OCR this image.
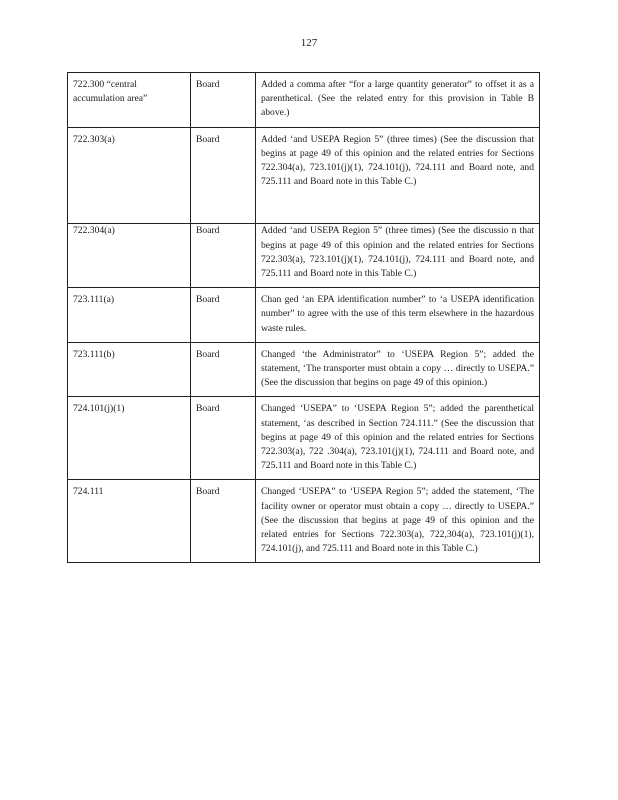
127
722.300 “central accumulation area”	Board	Added a comma after “for a large quantity generator” to offset it as a parenthetical. (See the related entry for this provision in Table B above.)

722.303(a)	Board	Added ‘and USEPA Region 5” (three times) (See the discussion that begins at page 49 of this opinion and the related entries for Sections 722.304(a), 723.101(j)(1), 724.101(j), 724.111 and Board note, and 725.111 and Board note in this Table C.)

722.304(a)	Board	Added ‘and USEPA Region 5” (three times) (See the discussio n that begins at page 49 of this opinion and the related entries for Sections 722.303(a), 723.101(j)(1), 724.101(j), 724.111 and Board note, and 725.111 and Board note in this Table C.)

723.111(a)	Board	Chan ged ‘an EPA identification number” to ‘a USEPA identification number” to agree with the use of this term elsewhere in the hazardous waste rules.

723.111(b)	Board	Changed ‘the Administrator” to ‘USEPA Region 5”; added the statement, ‘The transporter must obtain a copy … directly to USEPA.” (See the discussion that begins on page 49 of this opinion.)

724.101(j)(1)	Board	Changed ‘USEPA” to ‘USEPA Region 5”; added the parenthetical statement, ‘as described in Section 724.111.” (See the discussion that begins at page 49 of this opinion and the related entries for Sections 722.303(a), 722 .304(a), 723.101(j)(1), 724.111 and Board note, and 725.111 and Board note in this Table C.)

724.111	Board	Changed ‘USEPA” to ‘USEPA Region 5”; added the statement, ‘The facility owner or operator must obtain a copy … directly to USEPA.” (See the discussion that begins at page 49 of this opinion and the related entries for Sections 722.303(a), 722,304(a), 723.101(j)(1), 724.101(j), and 725.111 and Board note in this Table C.)
